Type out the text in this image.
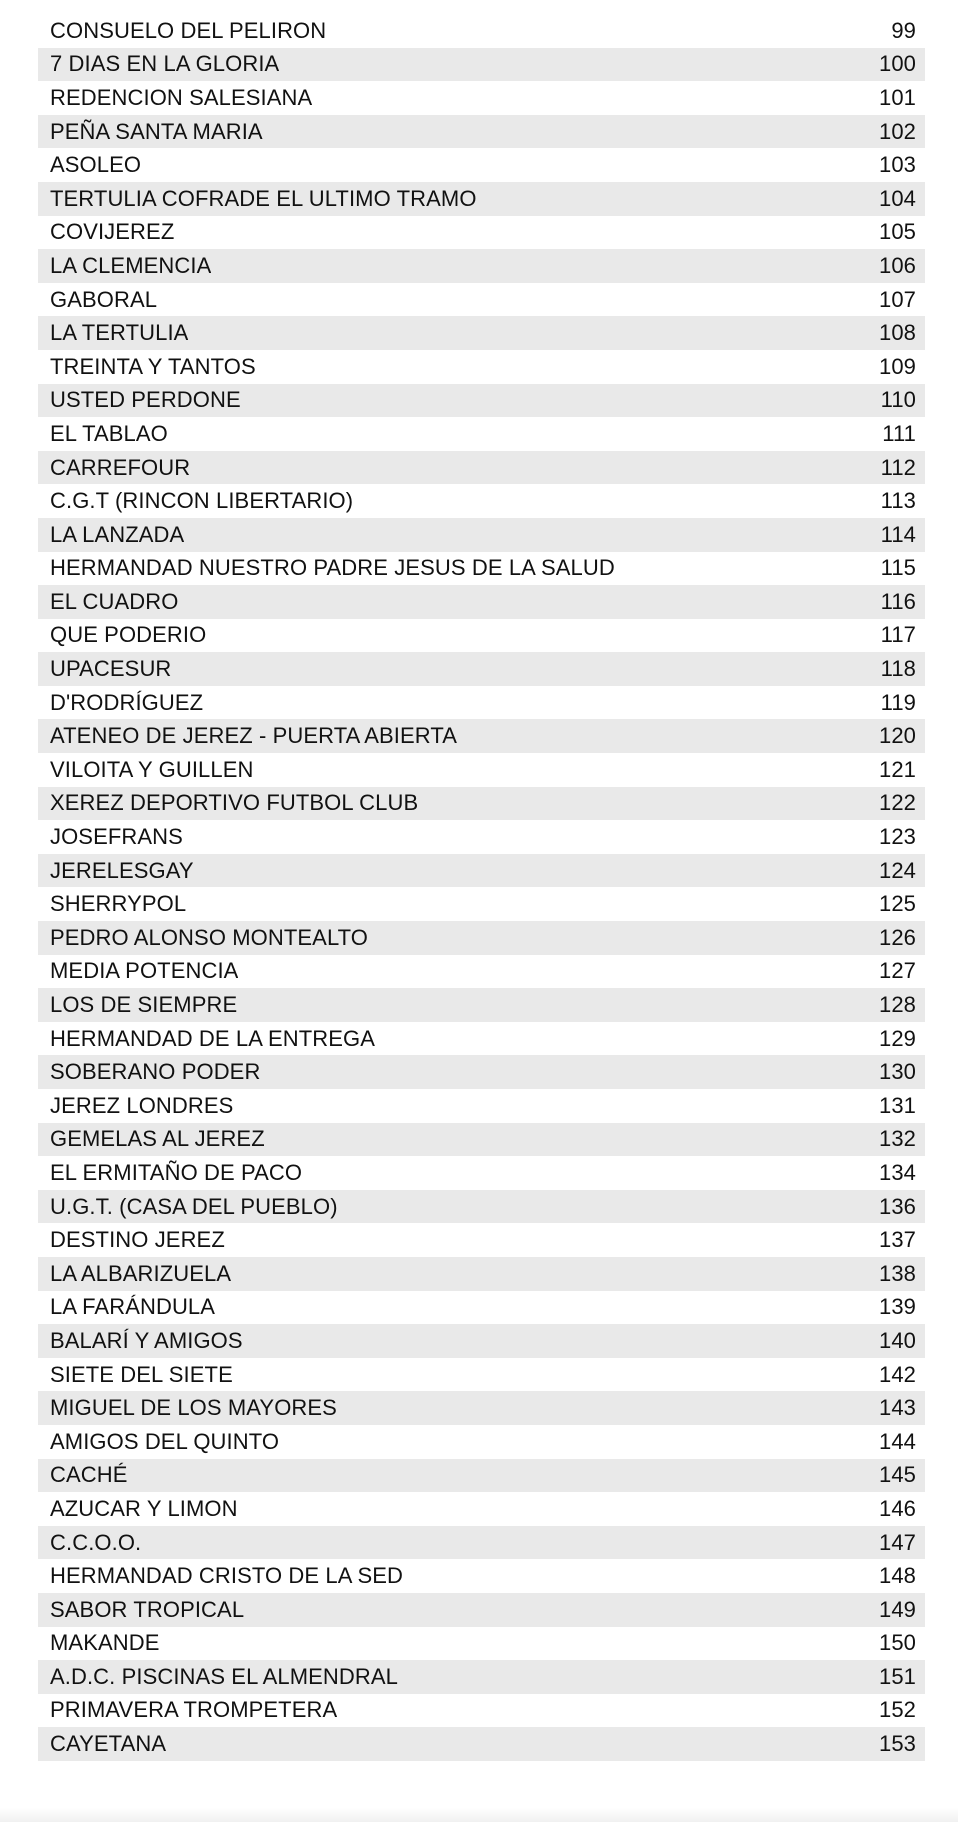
CONSUELO DEL PELIRON	99
7 DIAS EN LA GLORIA	100
REDENCION SALESIANA	101
PEÑA SANTA MARIA	102
ASOLEO	103
TERTULIA COFRADE EL ULTIMO TRAMO	104
COVIJEREZ	105
LA CLEMENCIA	106
GABORAL	107
LA TERTULIA	108
TREINTA Y TANTOS	109
USTED PERDONE	110
EL TABLAO	111
CARREFOUR	112
C.G.T (RINCON LIBERTARIO)	113
LA LANZADA	114
HERMANDAD NUESTRO PADRE JESUS DE LA SALUD	115
EL CUADRO	116
QUE PODERIO	117
UPACESUR	118
D'RODRÍGUEZ	119
ATENEO DE JEREZ - PUERTA ABIERTA	120
VILOITA Y GUILLEN	121
XEREZ DEPORTIVO FUTBOL CLUB	122
JOSEFRANS	123
JERELESGAY	124
SHERRYPOL	125
PEDRO ALONSO MONTEALTO	126
MEDIA POTENCIA	127
LOS DE SIEMPRE	128
HERMANDAD DE LA ENTREGA	129
SOBERANO PODER	130
JEREZ LONDRES	131
GEMELAS AL JEREZ	132
EL ERMITAÑO DE PACO	134
U.G.T. (CASA DEL PUEBLO)	136
DESTINO JEREZ	137
LA ALBARIZUELA	138
LA FARÁNDULA	139
BALARÍ Y AMIGOS	140
SIETE DEL SIETE	142
MIGUEL DE LOS MAYORES	143
AMIGOS DEL QUINTO	144
CACHÉ	145
AZUCAR Y LIMON	146
C.C.O.O.	147
HERMANDAD CRISTO DE LA SED	148
SABOR TROPICAL	149
MAKANDE	150
A.D.C. PISCINAS EL ALMENDRAL	151
PRIMAVERA TROMPETERA	152
CAYETANA	153
